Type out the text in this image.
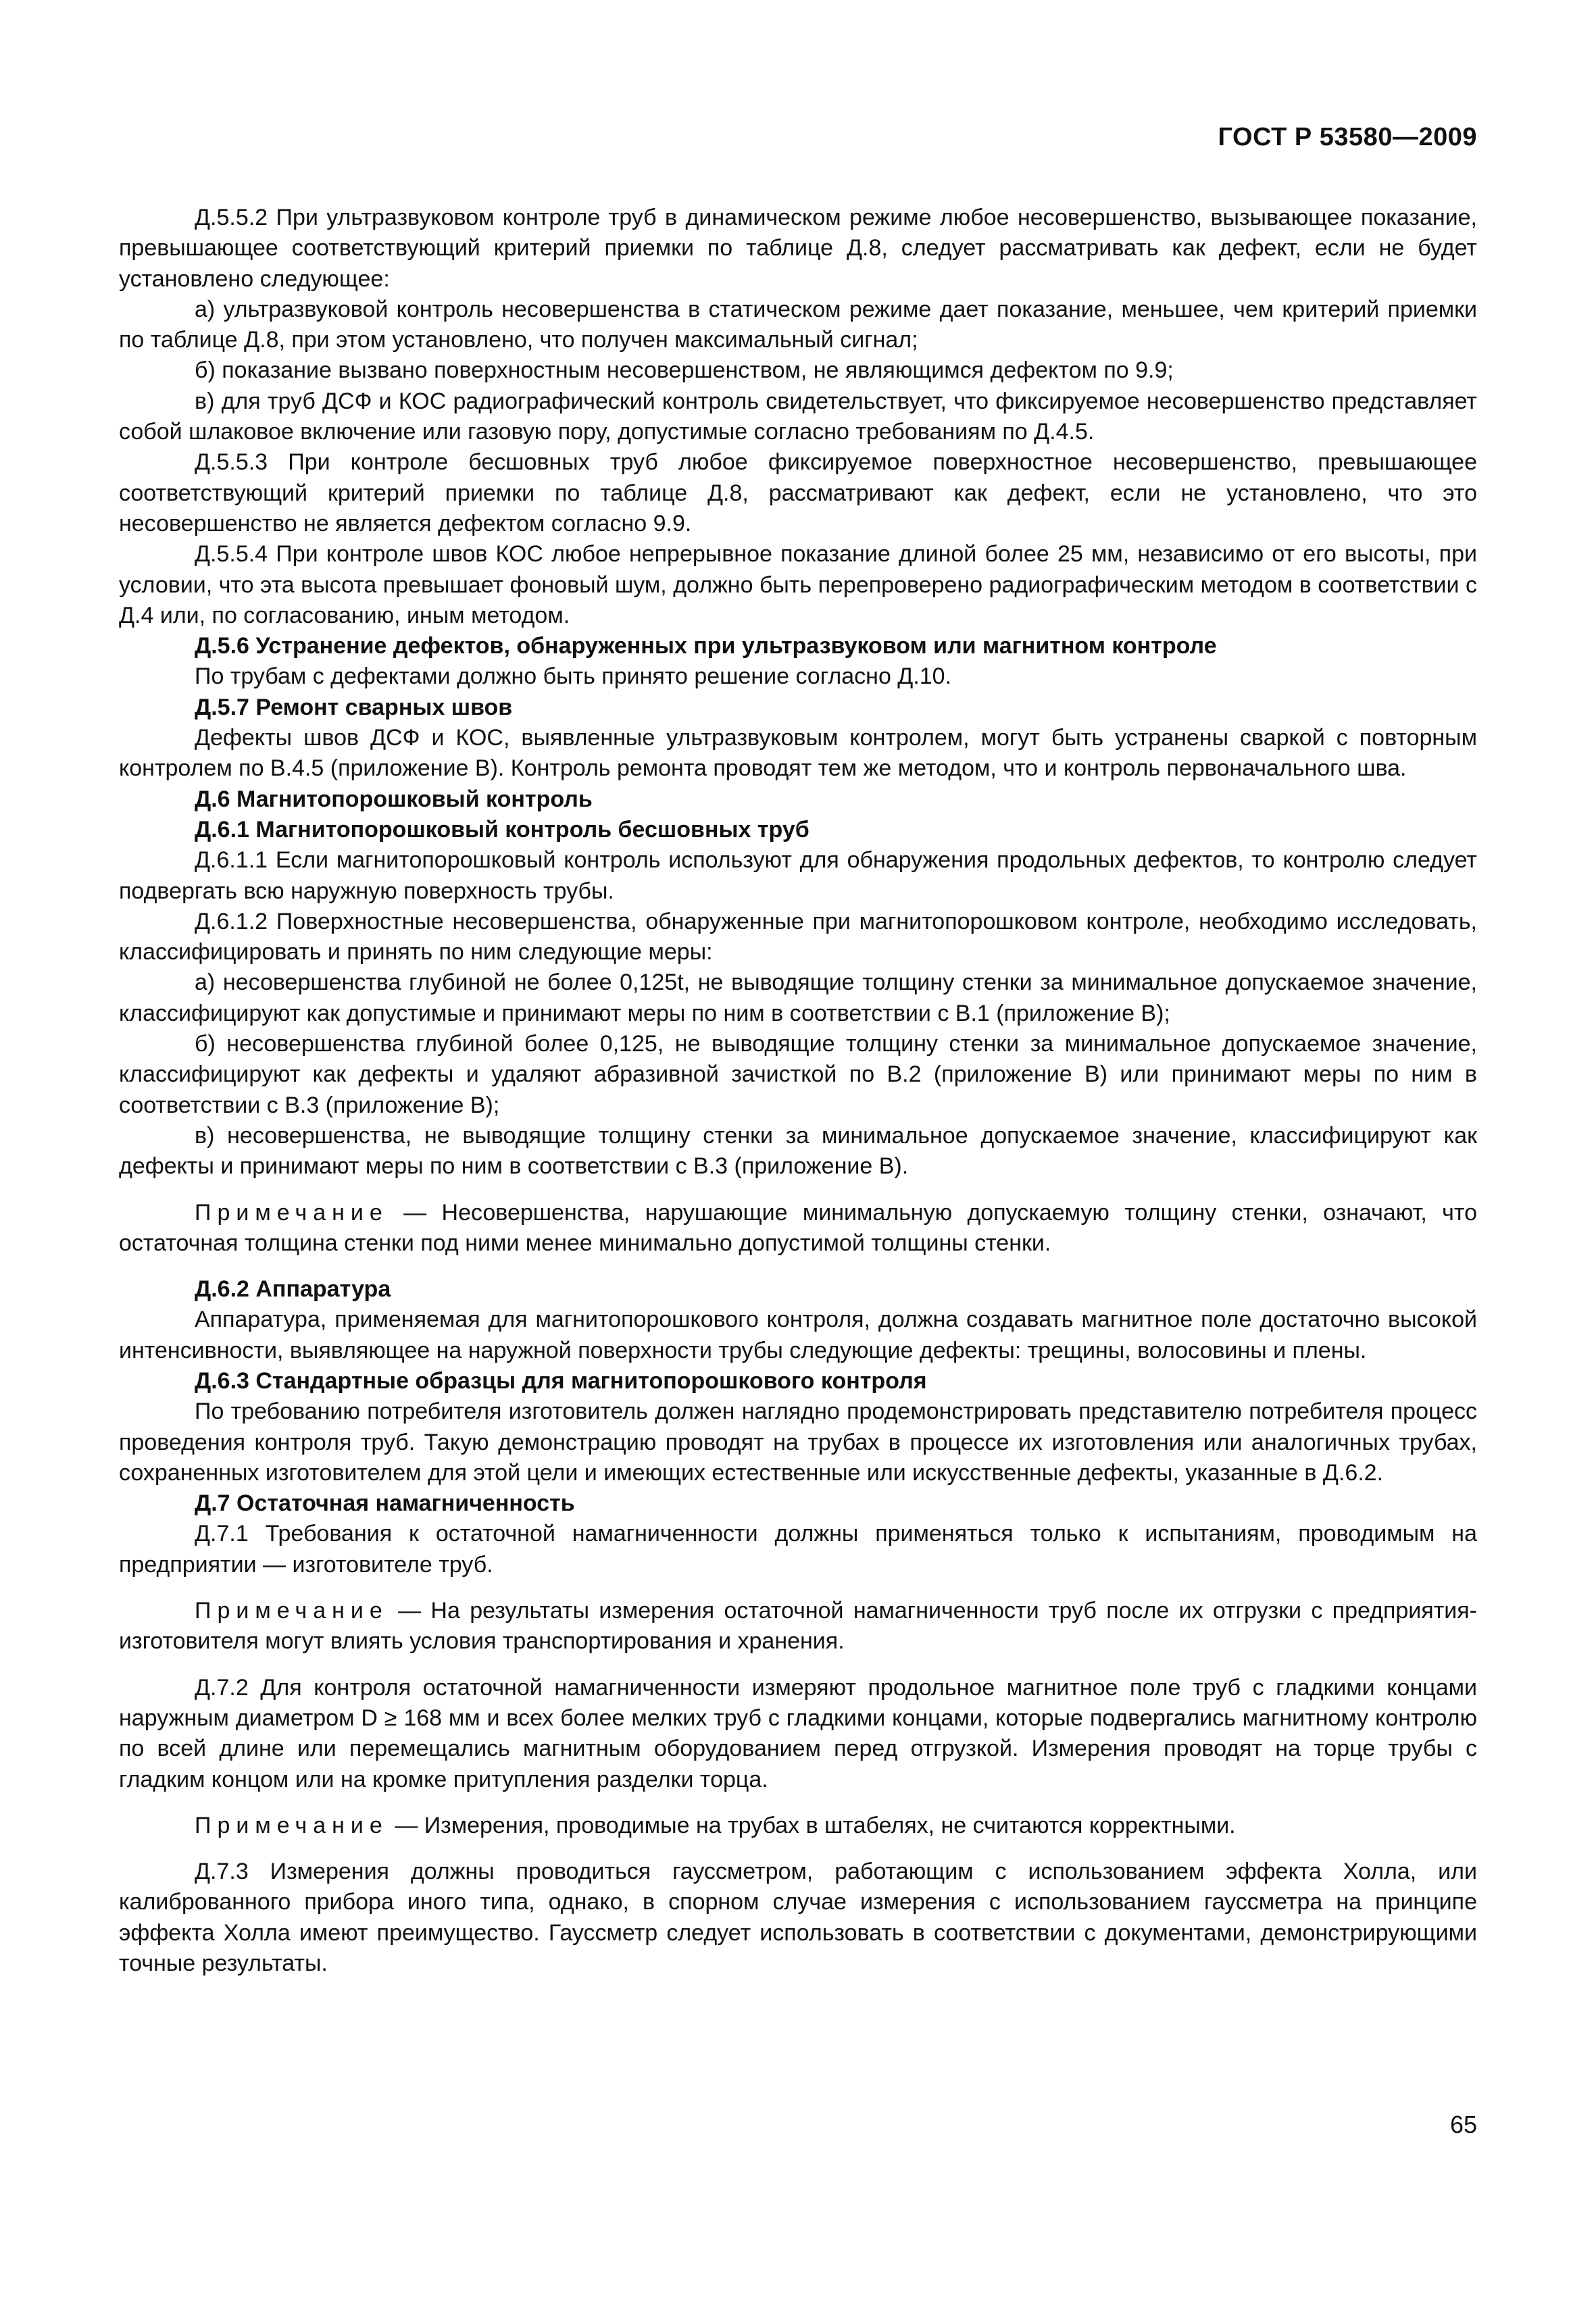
ГОСТ Р 53580—2009

Д.5.5.2 При ультразвуковом контроле труб в динамическом режиме любое несовершенство, вызывающее показание, превышающее соответствующий критерий приемки по таблице Д.8, следует рассматривать как дефект, если не будет установлено следующее:

а) ультразвуковой контроль несовершенства в статическом режиме дает показание, меньшее, чем критерий приемки по таблице Д.8, при этом установлено, что получен максимальный сигнал;

б) показание вызвано поверхностным несовершенством, не являющимся дефектом по 9.9;

в) для труб ДСФ и КОС радиографический контроль свидетельствует, что фиксируемое несовершенство представляет собой шлаковое включение или газовую пору, допустимые согласно требованиям по Д.4.5.

Д.5.5.3 При контроле бесшовных труб любое фиксируемое поверхностное несовершенство, превышающее соответствующий критерий приемки по таблице Д.8, рассматривают как дефект, если не установлено, что это несовершенство не является дефектом согласно 9.9.

Д.5.5.4 При контроле швов КОС любое непрерывное показание длиной более 25 мм, независимо от его высоты, при условии, что эта высота превышает фоновый шум, должно быть перепроверено радиографическим методом в соответствии с Д.4 или, по согласованию, иным методом.

Д.5.6 Устранение дефектов, обнаруженных при ультразвуковом или магнитном контроле

По трубам с дефектами должно быть принято решение согласно Д.10.

Д.5.7 Ремонт сварных швов

Дефекты швов ДСФ и КОС, выявленные ультразвуковым контролем, могут быть устранены сваркой с повторным контролем по В.4.5 (приложение В). Контроль ремонта проводят тем же методом, что и контроль первоначального шва.

Д.6 Магнитопорошковый контроль

Д.6.1 Магнитопорошковый контроль бесшовных труб

Д.6.1.1 Если магнитопорошковый контроль используют для обнаружения продольных дефектов, то контролю следует подвергать всю наружную поверхность трубы.

Д.6.1.2 Поверхностные несовершенства, обнаруженные при магнитопорошковом контроле, необходимо исследовать, классифицировать и принять по ним следующие меры:

а) несовершенства глубиной не более 0,125t, не выводящие толщину стенки за минимальное допускаемое значение, классифицируют как допустимые и принимают меры по ним в соответствии с В.1 (приложение В);

б) несовершенства глубиной более 0,125, не выводящие толщину стенки за минимальное допускаемое значение, классифицируют как дефекты и удаляют абразивной зачисткой по В.2 (приложение В) или принимают меры по ним в соответствии с В.3 (приложение В);

в) несовершенства, не выводящие толщину стенки за минимальное допускаемое значение, классифицируют как дефекты и принимают меры по ним в соответствии с В.3 (приложение В).

Примечание — Несовершенства, нарушающие минимальную допускаемую толщину стенки, означают, что остаточная толщина стенки под ними менее минимально допустимой толщины стенки.

Д.6.2 Аппаратура

Аппаратура, применяемая для магнитопорошкового контроля, должна создавать магнитное поле достаточно высокой интенсивности, выявляющее на наружной поверхности трубы следующие дефекты: трещины, волосовины и плены.

Д.6.3 Стандартные образцы для магнитопорошкового контроля

По требованию потребителя изготовитель должен наглядно продемонстрировать представителю потребителя процесс проведения контроля труб. Такую демонстрацию проводят на трубах в процессе их изготовления или аналогичных трубах, сохраненных изготовителем для этой цели и имеющих естественные или искусственные дефекты, указанные в Д.6.2.

Д.7 Остаточная намагниченность

Д.7.1 Требования к остаточной намагниченности должны применяться только к испытаниям, проводимым на предприятии — изготовителе труб.

Примечание — На результаты измерения остаточной намагниченности труб после их отгрузки с предприятия-изготовителя могут влиять условия транспортирования и хранения.

Д.7.2 Для контроля остаточной намагниченности измеряют продольное магнитное поле труб с гладкими концами наружным диаметром D ≥ 168 мм и всех более мелких труб с гладкими концами, которые подвергались магнитному контролю по всей длине или перемещались магнитным оборудованием перед отгрузкой. Измерения проводят на торце трубы с гладким концом или на кромке притупления разделки торца.

Примечание — Измерения, проводимые на трубах в штабелях, не считаются корректными.

Д.7.3 Измерения должны проводиться гауссметром, работающим с использованием эффекта Холла, или калиброванного прибора иного типа, однако, в спорном случае измерения с использованием гауссметра на принципе эффекта Холла имеют преимущество. Гауссметр следует использовать в соответствии с документами, демонстрирующими точные результаты.

65
